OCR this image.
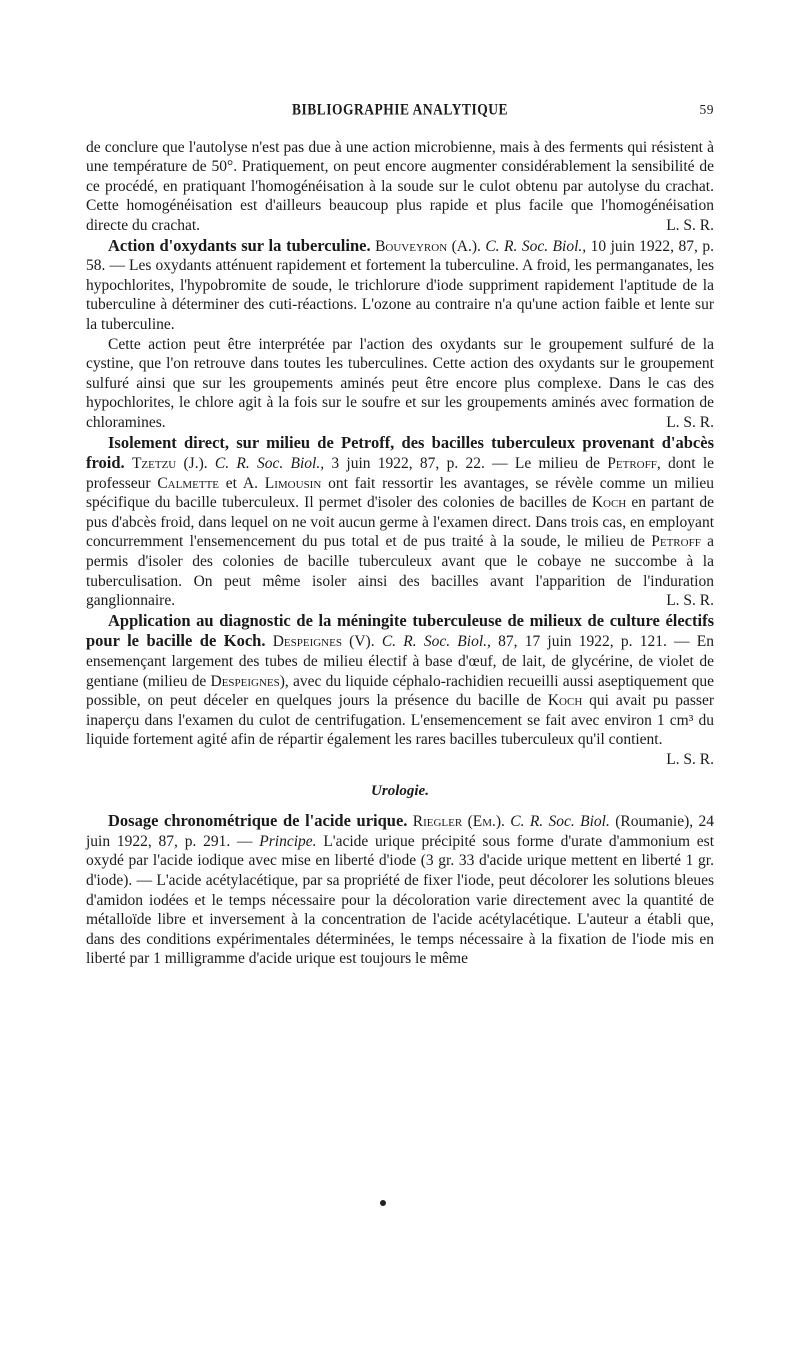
BIBLIOGRAPHIE ANALYTIQUE	59

de conclure que l'autolyse n'est pas due à une action microbienne, mais à des ferments qui résistent à une température de 50°. Pratiquement, on peut encore augmenter considérablement la sensibilité de ce procédé, en pratiquant l'homogénéisation à la soude sur le culot obtenu par autolyse du crachat. Cette homogénéisation est d'ailleurs beaucoup plus rapide et plus facile que l'homogénéisation directe du crachat.	L. S. R.

Action d'oxydants sur la tuberculine. Bouveyron (A.). C. R. Soc. Biol., 10 juin 1922, 87, p. 58. — Les oxydants atténuent rapidement et fortement la tuberculine. A froid, les permanganates, les hypochlorites, l'hypobromite de soude, le trichlorure d'iode suppriment rapidement l'aptitude de la tuberculine à déterminer des cuti-réactions. L'ozone au contraire n'a qu'une action faible et lente sur la tuberculine.

Cette action peut être interprétée par l'action des oxydants sur le groupement sulfuré de la cystine, que l'on retrouve dans toutes les tuberculines. Cette action des oxydants sur le groupement sulfuré ainsi que sur les groupements aminés peut être encore plus complexe. Dans le cas des hypochlorites, le chlore agit à la fois sur le soufre et sur les groupements aminés avec formation de chloramines.	L. S. R.

Isolement direct, sur milieu de Petroff, des bacilles tuberculeux provenant d'abcès froid. Tzetzu (J.). C. R. Soc. Biol., 3 juin 1922, 87, p. 22. — Le milieu de Petroff, dont le professeur Calmette et A. Limousin ont fait ressortir les avantages, se révèle comme un milieu spécifique du bacille tuberculeux. Il permet d'isoler des colonies de bacilles de Koch en partant de pus d'abcès froid, dans lequel on ne voit aucun germe à l'examen direct. Dans trois cas, en employant concurremment l'ensemencement du pus total et de pus traité à la soude, le milieu de Petroff a permis d'isoler des colonies de bacille tuberculeux avant que le cobaye ne succombe à la tuberculisation. On peut même isoler ainsi des bacilles avant l'apparition de l'induration ganglionnaire.	L. S. R.

Application au diagnostic de la méningite tuberculeuse de milieux de culture électifs pour le bacille de Koch. Despeignes (V). C. R. Soc. Biol., 87, 17 juin 1922, p. 121. — En ensemençant largement des tubes de milieu électif à base d'œuf, de lait, de glycérine, de violet de gentiane (milieu de Despeignes), avec du liquide céphalo-rachidien recueilli aussi aseptiquement que possible, on peut déceler en quelques jours la présence du bacille de Koch qui avait pu passer inaperçu dans l'examen du culot de centrifugation. L'ensemencement se fait avec environ 1 cm³ du liquide fortement agité afin de répartir également les rares bacilles tuberculeux qu'il contient.
L. S. R.

Urologie.

Dosage chronométrique de l'acide urique. Riegler (Em.). C. R. Soc. Biol. (Roumanie), 24 juin 1922, 87, p. 291. — Principe. L'acide urique précipité sous forme d'urate d'ammonium est oxydé par l'acide iodique avec mise en liberté d'iode (3 gr. 33 d'acide urique mettent en liberté 1 gr. d'iode). — L'acide acétylacétique, par sa propriété de fixer l'iode, peut décolorer les solutions bleues d'amidon iodées et le temps nécessaire pour la décoloration varie directement avec la quantité de métalloïde libre et inversement à la concentration de l'acide acétylacétique. L'auteur a établi que, dans des conditions expérimentales déterminées, le temps nécessaire à la fixation de l'iode mis en liberté par 1 milligramme d'acide urique est toujours le même
